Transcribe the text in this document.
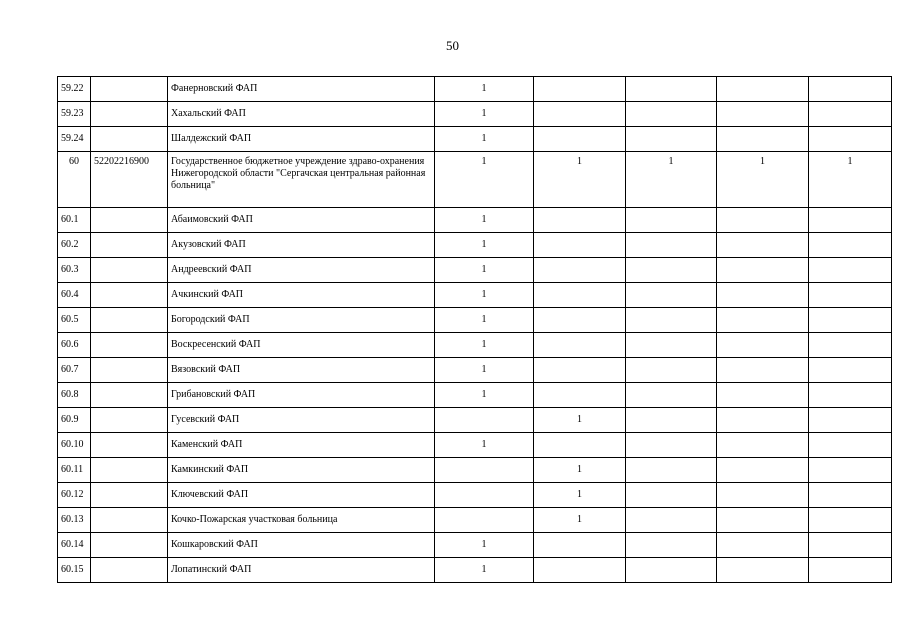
50
59.22		Фанерновский ФАП	1				
59.23		Хахальский ФАП	1				
59.24		Шалдежский ФАП	1				
60	52202216900	Государственное бюджетное учреждение здраво-охранения Нижегородской области "Сергачская центральная районная больница"	1	1	1	1	1
60.1		Абаимовский ФАП	1				
60.2		Акузовский ФАП	1				
60.3		Андреевский ФАП	1				
60.4		Ачкинский ФАП	1				
60.5		Богородский ФАП	1				
60.6		Воскресенский ФАП	1				
60.7		Вязовский ФАП	1				
60.8		Грибановский ФАП	1				
60.9		Гусевский ФАП		1			
60.10		Каменский ФАП	1				
60.11		Камкинский ФАП		1			
60.12		Ключевский ФАП		1			
60.13		Кочко-Пожарская участковая больница		1			
60.14		Кошкаровский ФАП	1				
60.15		Лопатинский ФАП	1				
